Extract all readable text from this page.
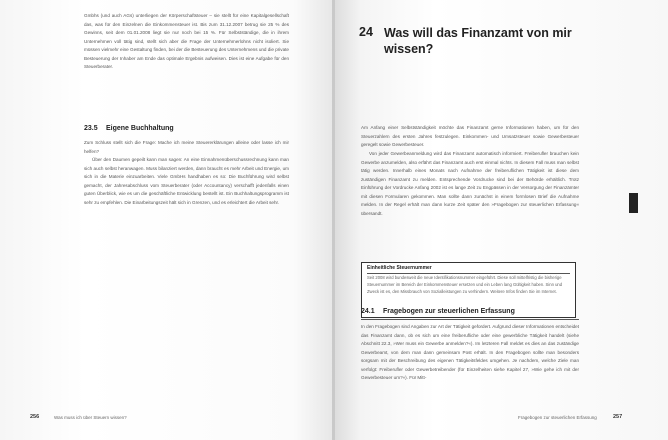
Gmbhs (und auch AGs) unterliegen der Körperschaftsteuer – sie stellt für eine Kapitalgesellschaft das, was für den Einzelnen die Einkommensteuer ist. Bis zum 31.12.2007 betrug sie 25 % des Gewinns, seit dem 01.01.2008 liegt sie nur noch bei 15 %. Für Selbstständige, die in ihrem Unternehmen voll tätig sind, stellt sich aber die Frage der Unternehmerlohns nicht isoliert. Sie müssen vielmehr eine Gestaltung finden, bei der die Besteuerung des Unternehmens und die private Besteuerung der Inhaber am Ende das optimale Ergebnis aufweisen. Dies ist eine Aufgabe für den Steuerberater.

23.5 Eigene Buchhaltung

Zum Schluss stellt sich die Frage: Mache ich meine Steuererklärungen alleine oder lasse ich mir helfen?

Über den Daumen gepeilt kann man sagen: An eine Einnahmenüberschussrechnung kann man sich auch selbst heranwagen. Muss bilanziert werden, dann braucht es mehr Arbeit und Energie, um sich in die Materie einzuarbeiten. Viele GmbHs handhaben es so: Die Buchführung wird selbst gemacht, der Jahresabschluss vom Steuerberater (oder Accountancy) verschafft jedenfalls einen guten Überblick, wie es um die geschäftliche Entwicklung bestellt ist. Ein Buchhaltungsprogramm ist sehr zu empfehlen. Die Einarbeitungszeit hält sich in Grenzen, und es erleichtert die Arbeit sehr.

256	Was muss ich über Steuern wissen?
24 Was will das Finanzamt von mir wissen?

Am Anfang einer Selbstständigkeit möchte das Finanzamt gerne Informationen haben, um für den Steuerzahlern des ersten Jahres festzulegen. Einkommen- und Umsatzsteuer sowie Gewerbesteuer geregelt sowie Gewerbesteuer.

Von jeder Gewerbeanmeldung wird das Finanzamt automatisch informiert. Freiberufler brauchen kein Gewerbe anzumelden, also erfährt das Finanzamt auch erst einmal nichts. In diesem Fall muss man selbst tätig werden. Innerhalb eines Monats nach Aufnahme der freiberuflichen Tätigkeit ist diese dem zuständigen Finanzamt zu melden. Entsprechende Vordrucke sind bei der Behörde erhältlich. Trotz Einführung der Vordrucke Anfang 2002 ist es lange Zeit zu Engpässen in der Versorgung der Finanzämter mit diesen Formularen gekommen. Man sollte dann zunächst in einem formlosen Brief die Aufnahme melden. In der Regel erhält man dann kurze Zeit später den »Fragebogen zur steuerlichen Erfassung« übersandt.

Einheitliche Steuernummer

Seit 2008 wird bundesweit die neue Identifikationsnummer eingeführt. Diese soll mittelfristig die bisherige Steuernummer im Bereich der Einkommensteuer ersetzen und ein Leben lang Gültigkeit haben. Sinn und Zweck ist es, den Missbrauch von Sozialleistungen zu verhindern. Weitere Infos finden Sie im Internet.

24.1 Fragebogen zur steuerlichen Erfassung

In den Fragebogen sind Angaben zur Art der Tätigkeit gefordert. Aufgrund dieser Informationen entscheidet das Finanzamt dann, ob es sich um eine freiberufliche oder eine gewerbliche Tätigkeit handelt (siehe Abschnitt 22.3, »Wer muss ein Gewerbe anmelden?«). Im letzteren Fall meldet es dies an das zuständige Gewerbeamt, von dem man dann gemeinsam Post erhält. In den Fragebogen sollte man besonders sorgsam mit der Beschreibung des eigenen Tätigkeitsfeldes umgehen. Je nachdem, welche Ziele man verfolgt: Freiberufler oder Gewerbetreibender (für Einzelheiten siehe Kapitel 27, »Wie gehe ich mit der Gewerbesteuer um?«). Für Mitt-

Fragebogen zur steuerlichen Erfassung	257
